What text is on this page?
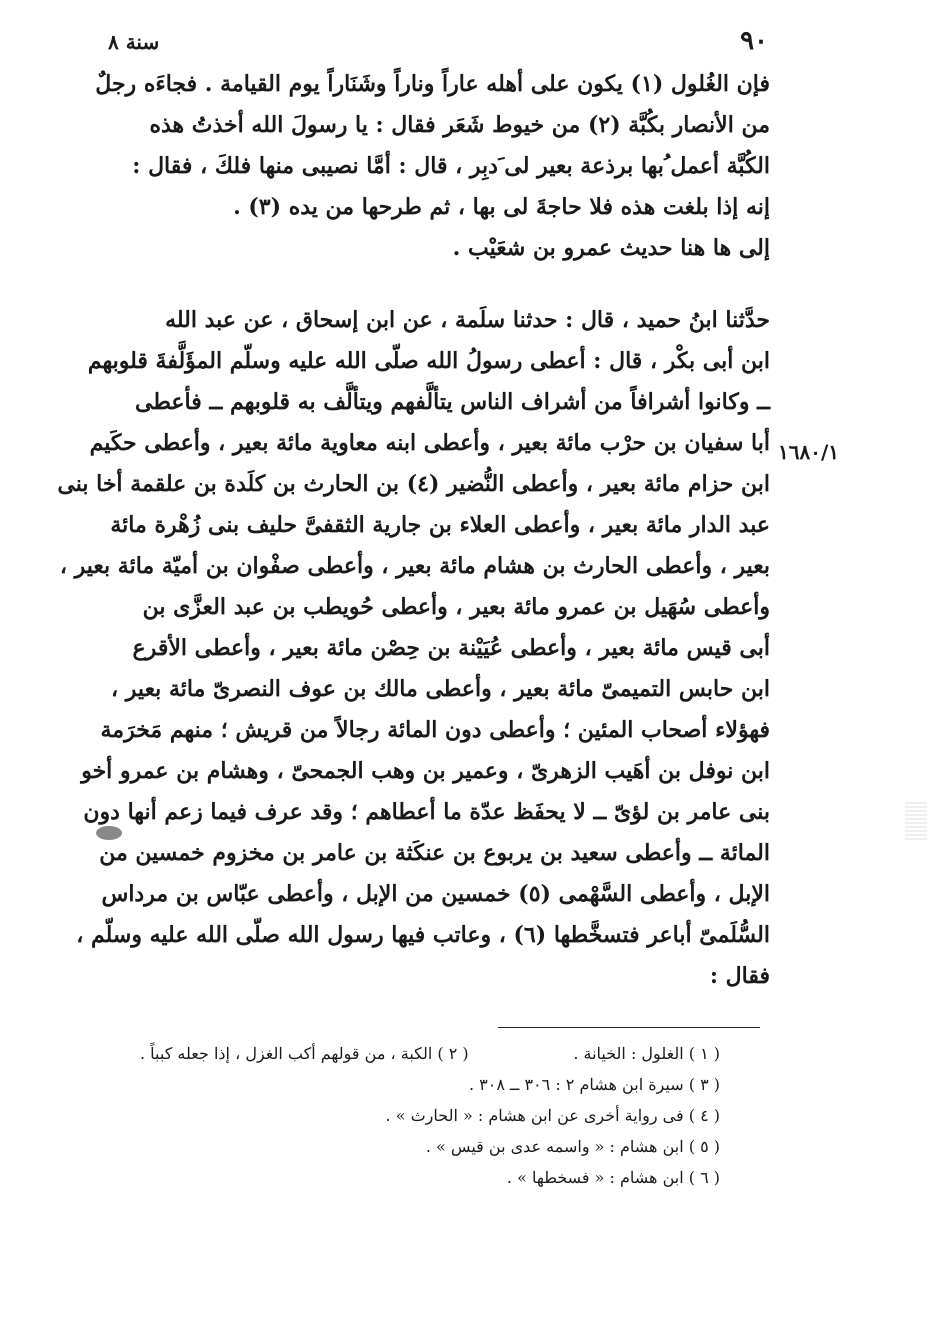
٩٠
سنة ٨
فإن الغُلول (١) يكون على أهله عاراً وناراً وشَنَاراً يوم القيامة . فجاءَه رجلٌ
من الأنصار بكُبَّة (٢) من خيوط شَعَر فقال : يا رسولَ الله أخذتُ هذه
الكُبَّة أعمل ُبها برذعة بعير لى َدبِر ، قال : أمَّا نصيبى منها فلكَ ، فقال :
إنه إذا بلغت هذه فلا حاجةَ لى بها ، ثم طرحها من يده (٣) .
إلى ها هنا حديث عمرو بن شعَيْب .
حدَّثنا ابنُ حميد ، قال : حدثنا سلَمة ، عن ابن إسحاق ، عن عبد الله
ابن أبى بكْر ، قال : أعطى رسولُ الله صلّى الله عليه وسلّم المؤَلَّفةَ قلوبهم
ــ وكانوا أشرافاً من أشراف الناس يتألَّفهم ويتألَّف به قلوبهم ــ فأعطى
أبا سفيان بن حرْب مائة بعير ، وأعطى ابنه معاوية مائة بعير ، وأعطى حكَيم
ابن حزام مائة بعير ، وأعطى النُّضير (٤) بن الحارث بن كلَدة بن علقمة أخا بنى
عبد الدار مائة بعير ، وأعطى العلاء بن جارية الثقفىَّ حليف بنى زُهْرة مائة
بعير ، وأعطى الحارث بن هشام مائة بعير ، وأعطى صفْوان بن أميّة مائة بعير ،
وأعطى سُهَيل بن عمرو مائة بعير ، وأعطى حُويطب بن عبد العزَّى بن
أبى قيس مائة بعير ، وأعطى عُيَيْنة بن حِصْن مائة بعير ، وأعطى الأقرع
ابن حابس التميمىّ مائة بعير ، وأعطى مالك بن عوف النصرىّ مائة بعير ،
فهؤلاء أصحاب المئين ؛ وأعطى دون المائة رجالاً من قريش ؛ منهم مَخرَمة
ابن نوفل بن أهَيب الزهرىّ ، وعمير بن وهب الجمحىّ ، وهشام بن عمرو أخو
بنى عامر بن لؤىّ ــ لا يحفَظ عدّة ما أعطاهم ؛ وقد عرف فيما زعم أنها دون
المائة ــ وأعطى سعيد بن يربوع بن عنكَثة بن عامر بن مخزوم خمسين من
الإبل ، وأعطى السَّهْمى (٥) خمسين من الإبل ، وأعطى عبّاس بن مرداس
السُّلَمىّ أباعر فتسخَّطها (٦) ، وعاتب فيها رسول الله صلّى الله عليه وسلّم ،
فقال :
١٦٨٠/١
( ١ ) الغلول : الخيانة .
( ٢ ) الكبة ، من قولهم أكب الغزل ، إذا جعله كبباً .
( ٣ ) سيرة ابن هشام ٢ : ٣٠٦ ــ ٣٠٨ .
( ٤ ) فى رواية أخرى عن ابن هشام : « الحارث » .
( ٥ ) ابن هشام : « واسمه عدى بن قيس » .
( ٦ ) ابن هشام : « فسخطها » .
